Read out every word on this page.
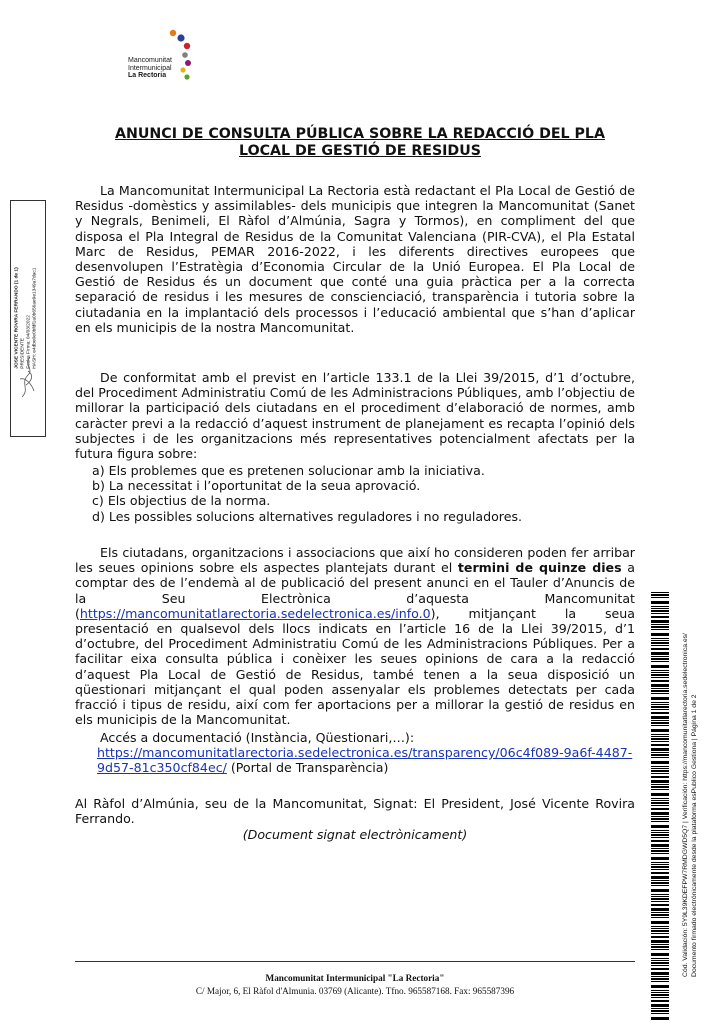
Mancomunitat
Intermunicipal
La Rectoria
ANUNCI DE CONSULTA PÚBLICA SOBRE LA REDACCIÓ DEL PLA
LOCAL DE GESTIÓ DE RESIDUS
La Mancomunitat Intermunicipal La Rectoria està redactant el Pla Local de Gestió de Residus -domèstics y assimilables- dels municipis que integren la Mancomunitat (Sanet y Negrals, Benimeli, El Ràfol d’Almúnia, Sagra y Tormos), en compliment del que disposa el Pla Integral de Residus de la Comunitat Valenciana (PIR-CVA), el Pla Estatal Marc de Residus, PEMAR 2016-2022, i les diferents directives europees que desenvolupen l’Estratègia d’Economia Circular de la Unió Europea. El Pla Local de Gestió de Residus és un document que conté una guia pràctica per a la correcta separació de residus i les mesures de conscienciació, transparència i tutoria sobre la ciutadania en la implantació dels processos i l’educació ambiental que s’han d’aplicar en els municipis de la nostra Mancomunitat.
De conformitat amb el previst en l’article 133.1 de la Llei 39/2015, d’1 d’octubre, del Procediment Administratiu Comú de les Administracions Públiques, amb l’objectiu de millorar la participació dels ciutadans en el procediment d’elaboració de normes, amb caràcter previ a la redacció d’aquest instrument de planejament es recapta l’opinió dels subjectes i de les organitzacions més representatives potencialment afectats per la futura figura sobre:
a) Els problemes que es pretenen solucionar amb la iniciativa.
b) La necessitat i l’oportunitat de la seua aprovació.
c) Els objectius de la norma.
d) Les possibles solucions alternatives reguladores i no reguladores.
Els ciutadans, organitzacions i associacions que així ho consideren poden fer arribar les seues opinions sobre els aspectes plantejats durant el termini de quinze dies a comptar des de l’endemà al de publicació del present anunci en el Tauler d’Anuncis de la Seu Electrònica d’aquesta Mancomunitat (https://mancomunitatlarectoria.sedelectronica.es/info.0), mitjançant la seua presentació en qualsevol dels llocs indicats en l’article 16 de la Llei 39/2015, d’1 d’octubre, del Procediment Administratiu Comú de les Administracions Públiques. Per a facilitar eixa consulta pública i conèixer les seues opinions de cara a la redacció d’aquest Pla Local de Gestió de Residus, també tenen a la seua disposició un qüestionari mitjançant el qual poden assenyalar els problemes detectats per cada fracció i tipus de residu, així com fer aportacions per a millorar la gestió de residus en els municipis de la Mancomunitat.
Accés a documentació (Instància, Qüestionari,…):
https://mancomunitatlarectoria.sedelectronica.es/transparency/06c4f089-9a6f-4487-9d57-81c350cf84ec/ (Portal de Transparència)
Al Ràfol d’Almúnia, seu de la Mancomunitat, Signat: El President, José Vicente Rovira Ferrando.
(Document signat electrònicament)
Mancomunitat Intermunicipal "La Rectoria"
C/ Major, 6, El Ràfol d'Almunia. 03769 (Alicante). Tfno. 965587168. Fax: 965587396
JOSE VICENTE ROVIRA FERRANDO (1 de 1) PRESIDENTE Fecha Firma: 04/03/2022 HASH: e4dbe0e0bfdf1a0b656ae9e1349a7dac1
Cód. Validación: 5Y9L39KDEFPW7RMDGWD5Q7 | Verificación: https://mancomunitatlarectoria.sedelectronica.es/ Documento firmado electrónicamente desde la plataforma esPublico Gestiona | Página 1 de 2
